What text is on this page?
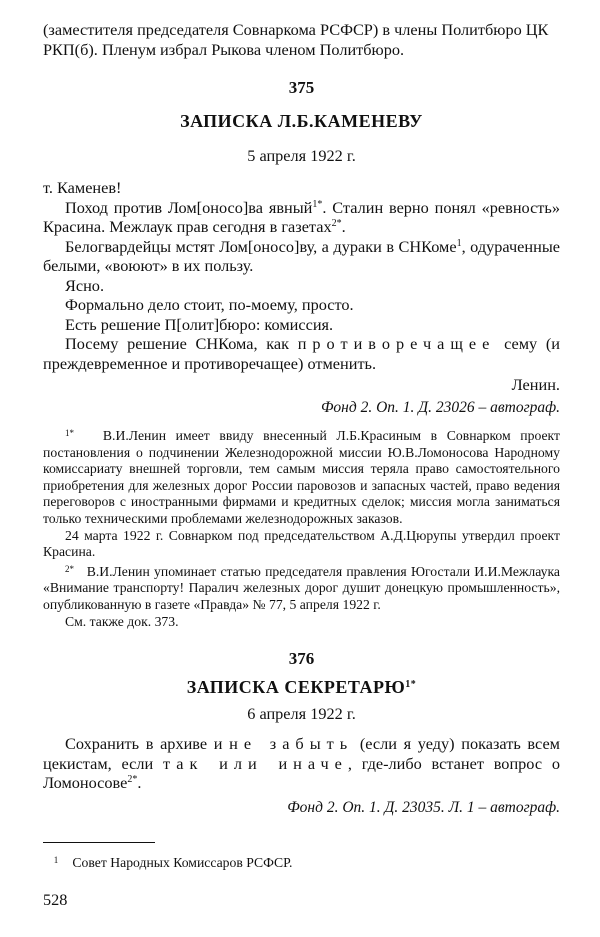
(заместителя председателя Совнаркома РСФСР) в члены Политбюро ЦК
РКП(б). Пленум избрал Рыкова членом Политбюро.

375

ЗАПИСКА Л.Б.КАМЕНЕВУ

5 апреля 1922 г.

т. Каменев!

Поход против Лом[оносо]ва явный$^{1*}$. Сталин верно понял «ревность» Красина. Межлаук прав сегодня в газетах$^{2*}$.

Белогвардейцы мстят Лом[оносо]ву, а дураки в СНКоме$^1$, одураченные белыми, «воюют» в их пользу.

Ясно.

Формально дело стоит, по-моему, просто.

Есть решение П[олит]бюро: комиссия.

Посему решение СНКома, как противоречащее сему (и преждевременное и противоречащее) отменить.

Ленин.

Фонд 2. Оп. 1. Д. 23026 – автограф.

$^{1*}$ В.И.Ленин имеет ввиду внесенный Л.Б.Красиным в Совнарком проект постановления о подчинении Железнодорожной миссии Ю.В.Ломоносова Народному комиссариату внешней торговли, тем самым миссия теряла право самостоятельного приобретения для железных дорог России паровозов и запасных частей, право ведения переговоров с иностранными фирмами и кредитных сделок; миссия могла заниматься только техническими проблемами железнодорожных заказов.

24 марта 1922 г. Совнарком под председательством А.Д.Цюрупы утвердил проект Красина.

$^{2*}$ В.И.Ленин упоминает статью председателя правления Югостали И.И.Межлаука «Внимание транспорту! Паралич железных дорог душит донецкую промышленность», опубликованную в газете «Правда» № 77, 5 апреля 1922 г.

См. также док. 373.

376

ЗАПИСКА $СЕКРЕТАРЮ^{1*}$

6 апреля 1922 г.

Сохранить в архиве и не забыть (если я уеду) показать всем цекистам, если так или иначе, где-либо встанет вопрос о Ломоносове$^{2*}$.

Фонд 2. Оп. 1. Д. 23035. Л. 1 – автограф.

1 Совет Народных Комиссаров РСФСР.

528
